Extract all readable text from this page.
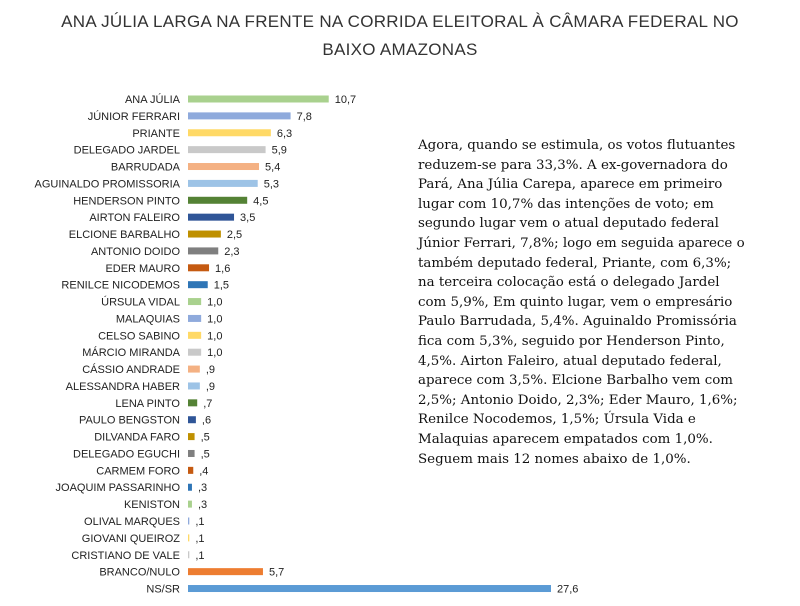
ANA JÚLIA LARGA NA FRENTE NA CORRIDA ELEITORAL À CÂMARA FEDERAL NO
BAIXO AMAZONAS
ANA JÚLIA	10,7
JÚNIOR FERRARI	7,8
PRIANTE	6,3
DELEGADO JARDEL	5,9
BARRUDADA	5,4
AGUINALDO PROMISSORIA	5,3
HENDERSON PINTO	4,5
AIRTON FALEIRO	3,5
ELCIONE BARBALHO	2,5
ANTONIO DOIDO	2,3
EDER MAURO	1,6
RENILCE NICODEMOS	1,5
ÚRSULA VIDAL 1,0
MALAQUIAS 1,0
CELSO SABINO 1,0
MÁRCIO MIRANDA 1,0
CÁSSIO ANDRADE ,9
ALESSANDRA HABER ,9
LENA PINTO ,7
PAULO BENGSTON ,6
DILVANDA FARO ,5
DELEGADO EGUCHI ,5
CARMEM FORO ,4
JOAQUIM PASSARINHO ,3
KENISTON ,3
OLIVAL MARQUES ,1
GIOVANI QUEIROZ ,1
CRISTIANO DE VALE ,1
BRANCO/NULO	5,7
NS/SR	27,6

Agora, quando se estimula, os votos flutuantes

reduzem-se para 33,3%. A ex-governadora do

Pará, Ana Júlia Carepa, aparece em primeiro

lugar com 10,7% das intenções de voto; em

segundo lugar vem o atual deputado federal

Júnior Ferrari, 7,8%; logo em seguida aparece o

também deputado federal, Priante, com 6,3%;

na terceira colocação está o delegado Jardel

com 5,9%, Em quinto lugar, vem o empresário

Paulo Barrudada, 5,4%. Aguinaldo Promissória

fica com 5,3%, seguido por Henderson Pinto,

4,5%. Airton Faleiro, atual deputado federal,

aparece com 3,5%. Elcione Barbalho vem com

2,5%; Antonio Doido, 2,3%; Eder Mauro, 1,6%;

Renilce Nocodemos, 1,5%; Úrsula Vida e

Malaquias aparecem empatados com 1,0%.

Seguem mais 12 nomes abaixo de 1,0%.
